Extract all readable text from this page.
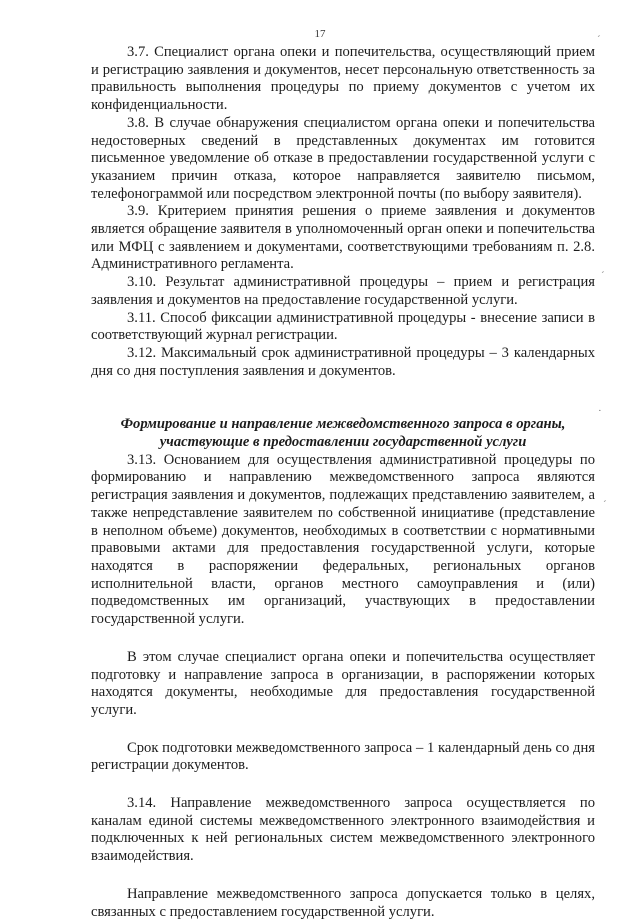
17

3.7. Специалист органа опеки и попечительства, осуществляющий прием и регистрацию заявления и документов, несет персональную ответственность за правильность выполнения процедуры по приему документов с учетом их конфиденциальности.

3.8. В случае обнаружения специалистом органа опеки и попечительства недостоверных сведений в представленных документах им готовится письменное уведомление об отказе в предоставлении государственной услуги с указанием причин отказа, которое направляется заявителю письмом, телефонограммой или посредством электронной почты (по выбору заявителя).

3.9. Критерием принятия решения о приеме заявления и документов является обращение заявителя в уполномоченный орган опеки и попечительства или МФЦ с заявлением и документами, соответствующими требованиям п. 2.8. Административного регламента.

3.10. Результат административной процедуры – прием и регистрация заявления и документов на предоставление государственной услуги.

3.11. Способ фиксации административной процедуры - внесение записи в соответствующий журнал регистрации.

3.12. Максимальный срок административной процедуры – 3 календарных дня со дня поступления заявления и документов.

Формирование и направление межведомственного запроса в органы,
участвующие в предоставлении государственной услуги

3.13. Основанием для осуществления административной процедуры по формированию и направлению межведомственного запроса являются регистрация заявления и документов, подлежащих представлению заявителем, а также непредставление заявителем по собственной инициативе (представление в неполном объеме) документов, необходимых в соответствии с нормативными правовыми актами для предоставления государственной услуги, которые находятся в распоряжении федеральных, региональных органов исполнительной власти, органов местного самоуправления и (или) подведомственных им организаций, участвующих в предоставлении государственной услуги.

В этом случае специалист органа опеки и попечительства осуществляет подготовку и направление запроса в организации, в распоряжении которых находятся документы, необходимые для предоставления государственной услуги.

Срок подготовки межведомственного запроса – 1 календарный день со дня регистрации документов.

3.14. Направление межведомственного запроса осуществляется по каналам единой системы межведомственного электронного взаимодействия и подключенных к ней региональных систем межведомственного электронного взаимодействия.

Направление межведомственного запроса допускается только в целях, связанных с предоставлением государственной услуги.

´
´
´
·
